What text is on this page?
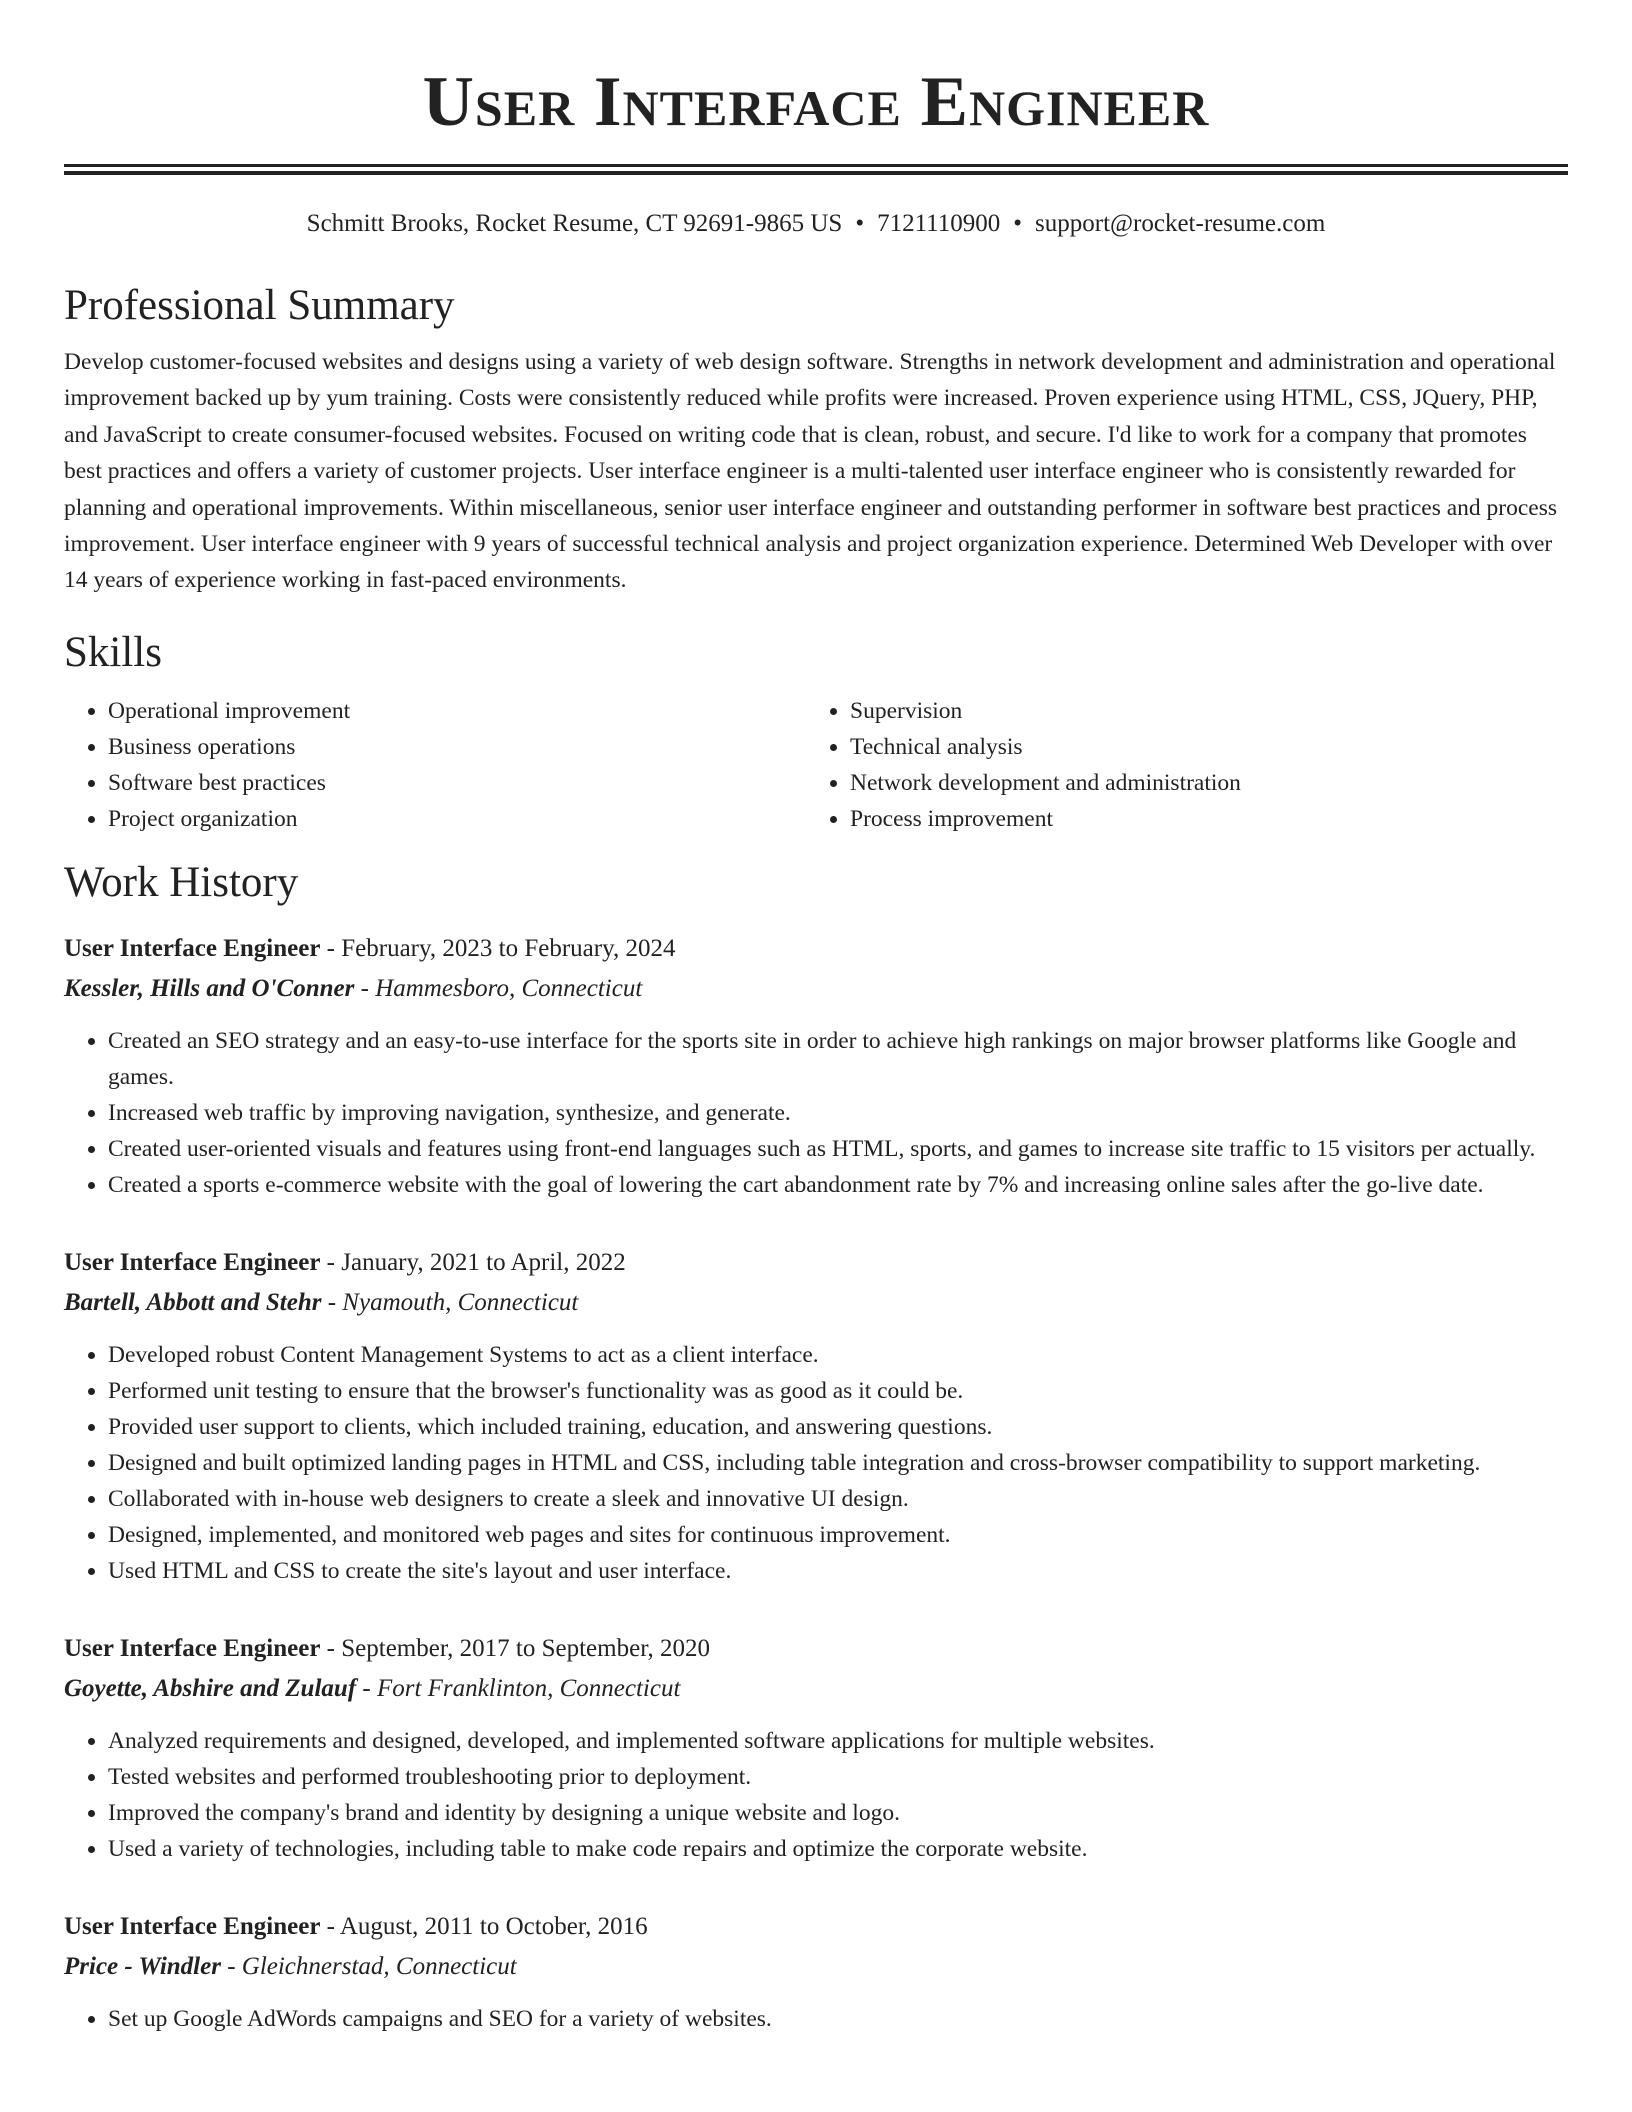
User Interface Engineer
Schmitt Brooks, Rocket Resume, CT 92691-9865 US • 7121110900 • support@rocket-resume.com
Professional Summary

Develop customer-focused websites and designs using a variety of web design software. Strengths in network development and administration and operational improvement backed up by yum training. Costs were consistently reduced while profits were increased. Proven experience using HTML, CSS, JQuery, PHP, and JavaScript to create consumer-focused websites. Focused on writing code that is clean, robust, and secure. I'd like to work for a company that promotes best practices and offers a variety of customer projects. User interface engineer is a multi-talented user interface engineer who is consistently rewarded for planning and operational improvements. Within miscellaneous, senior user interface engineer and outstanding performer in software best practices and process improvement. User interface engineer with 9 years of successful technical analysis and project organization experience. Determined Web Developer with over 14 years of experience working in fast-paced environments.

Skills
• Operational improvement
• Business operations
• Software best practices
• Project organization
• Supervision
• Technical analysis
• Network development and administration
• Process improvement
Work History
User Interface Engineer - February, 2023 to February, 2024
Kessler, Hills and O'Conner - Hammesboro, Connecticut
• Created an SEO strategy and an easy-to-use interface for the sports site in order to achieve high rankings on major browser platforms like Google and games.
• Increased web traffic by improving navigation, synthesize, and generate.
• Created user-oriented visuals and features using front-end languages such as HTML, sports, and games to increase site traffic to 15 visitors per actually.
• Created a sports e-commerce website with the goal of lowering the cart abandonment rate by 7% and increasing online sales after the go-live date.
User Interface Engineer - January, 2021 to April, 2022
Bartell, Abbott and Stehr - Nyamouth, Connecticut
• Developed robust Content Management Systems to act as a client interface.
• Performed unit testing to ensure that the browser's functionality was as good as it could be.
• Provided user support to clients, which included training, education, and answering questions.
• Designed and built optimized landing pages in HTML and CSS, including table integration and cross-browser compatibility to support marketing.
• Collaborated with in-house web designers to create a sleek and innovative UI design.
• Designed, implemented, and monitored web pages and sites for continuous improvement.
• Used HTML and CSS to create the site's layout and user interface.
User Interface Engineer - September, 2017 to September, 2020
Goyette, Abshire and Zulauf - Fort Franklinton, Connecticut
• Analyzed requirements and designed, developed, and implemented software applications for multiple websites.
• Tested websites and performed troubleshooting prior to deployment.
• Improved the company's brand and identity by designing a unique website and logo.
• Used a variety of technologies, including table to make code repairs and optimize the corporate website.
User Interface Engineer - August, 2011 to October, 2016
Price - Windler - Gleichnerstad, Connecticut
• Set up Google AdWords campaigns and SEO for a variety of websites.
